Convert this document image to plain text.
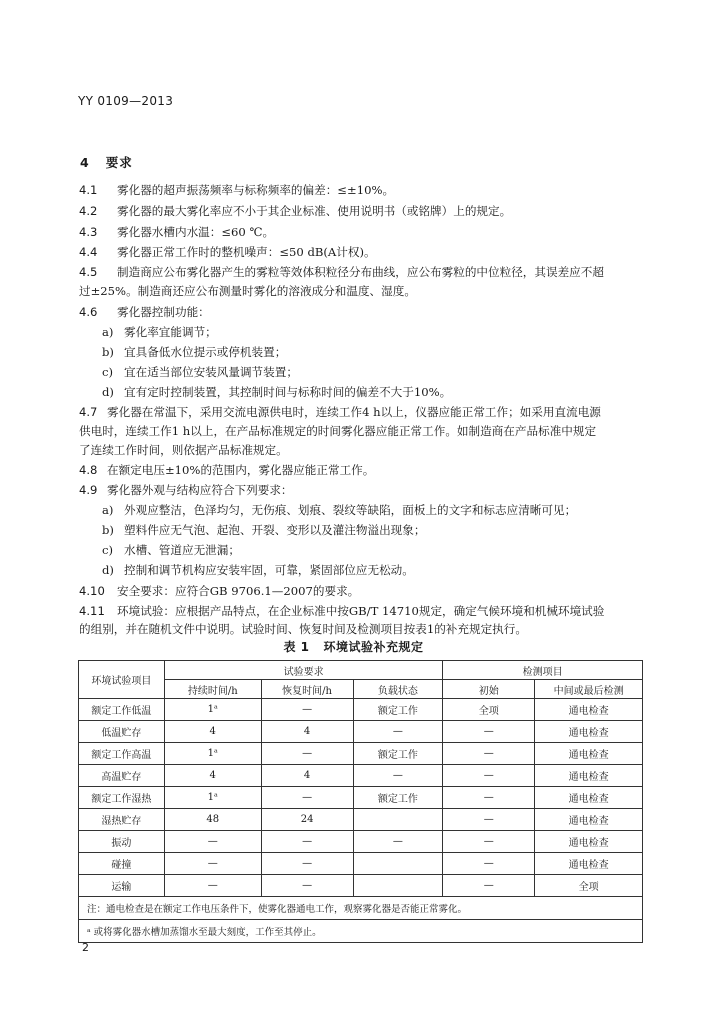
YY 0109—2013
4 要求
4.1 雾化器的超声振荡频率与标称频率的偏差：≤±10%。
4.2 雾化器的最大雾化率应不小于其企业标准、使用说明书（或铭牌）上的规定。
4.3 雾化器水槽内水温：≤60 ℃。
4.4 雾化器正常工作时的整机噪声：≤50 dB(A计权)。
4.5 制造商应公布雾化器产生的雾粒等效体积粒径分布曲线，应公布雾粒的中位粒径，其误差应不超
过±25%。制造商还应公布测量时雾化的溶液成分和温度、湿度。
4.6 雾化器控制功能：
a) 雾化率宜能调节；
b) 宜具备低水位提示或停机装置；
c) 宜在适当部位安装风量调节装置；
d) 宜有定时控制装置，其控制时间与标称时间的偏差不大于10%。
4.7 雾化器在常温下，采用交流电源供电时，连续工作4 h以上，仪器应能正常工作；如采用直流电源
供电时，连续工作1 h以上，在产品标准规定的时间雾化器应能正常工作。如制造商在产品标准中规定
了连续工作时间，则依据产品标准规定。
4.8 在额定电压±10%的范围内，雾化器应能正常工作。
4.9 雾化器外观与结构应符合下列要求：
a) 外观应整洁，色泽均匀，无伤痕、划痕、裂纹等缺陷，面板上的文字和标志应清晰可见；
b) 塑料件应无气泡、起泡、开裂、变形以及灌注物溢出现象；
c) 水槽、管道应无泄漏；
d) 控制和调节机构应安装牢固，可靠，紧固部位应无松动。
4.10 安全要求：应符合GB 9706.1—2007的要求。
4.11 环境试验：应根据产品特点，在企业标准中按GB/T 14710规定，确定气候环境和机械环境试验
表 1 环境试验补充规定
的组别，并在随机文件中说明。试验时间、恢复时间及检测项目按表1的补充规定执行。
环境试验项目	试验要求			检测项目	
	持续时间/h	恢复时间/h	负载状态	初始	中间或最后检测
额定工作低温	1ᵃ	—	额定工作	全项	通电检查
低温贮存	4	4	—	—	通电检查
额定工作高温	1ᵃ	—	额定工作	—	通电检查
高温贮存	4	4	—	—	通电检查
额定工作湿热	1ᵃ	—	额定工作	—	通电检查
湿热贮存	48	24		—	通电检查
振动	—	—	—	—	通电检查
碰撞	—	—		—	通电检查
运输	—	—		—	全项
注：通电检查是在额定工作电压条件下，使雾化器通电工作，观察雾化器是否能正常雾化。					
ᵃ 或将雾化器水槽加蒸馏水至最大刻度，工作至其停止。					
2
